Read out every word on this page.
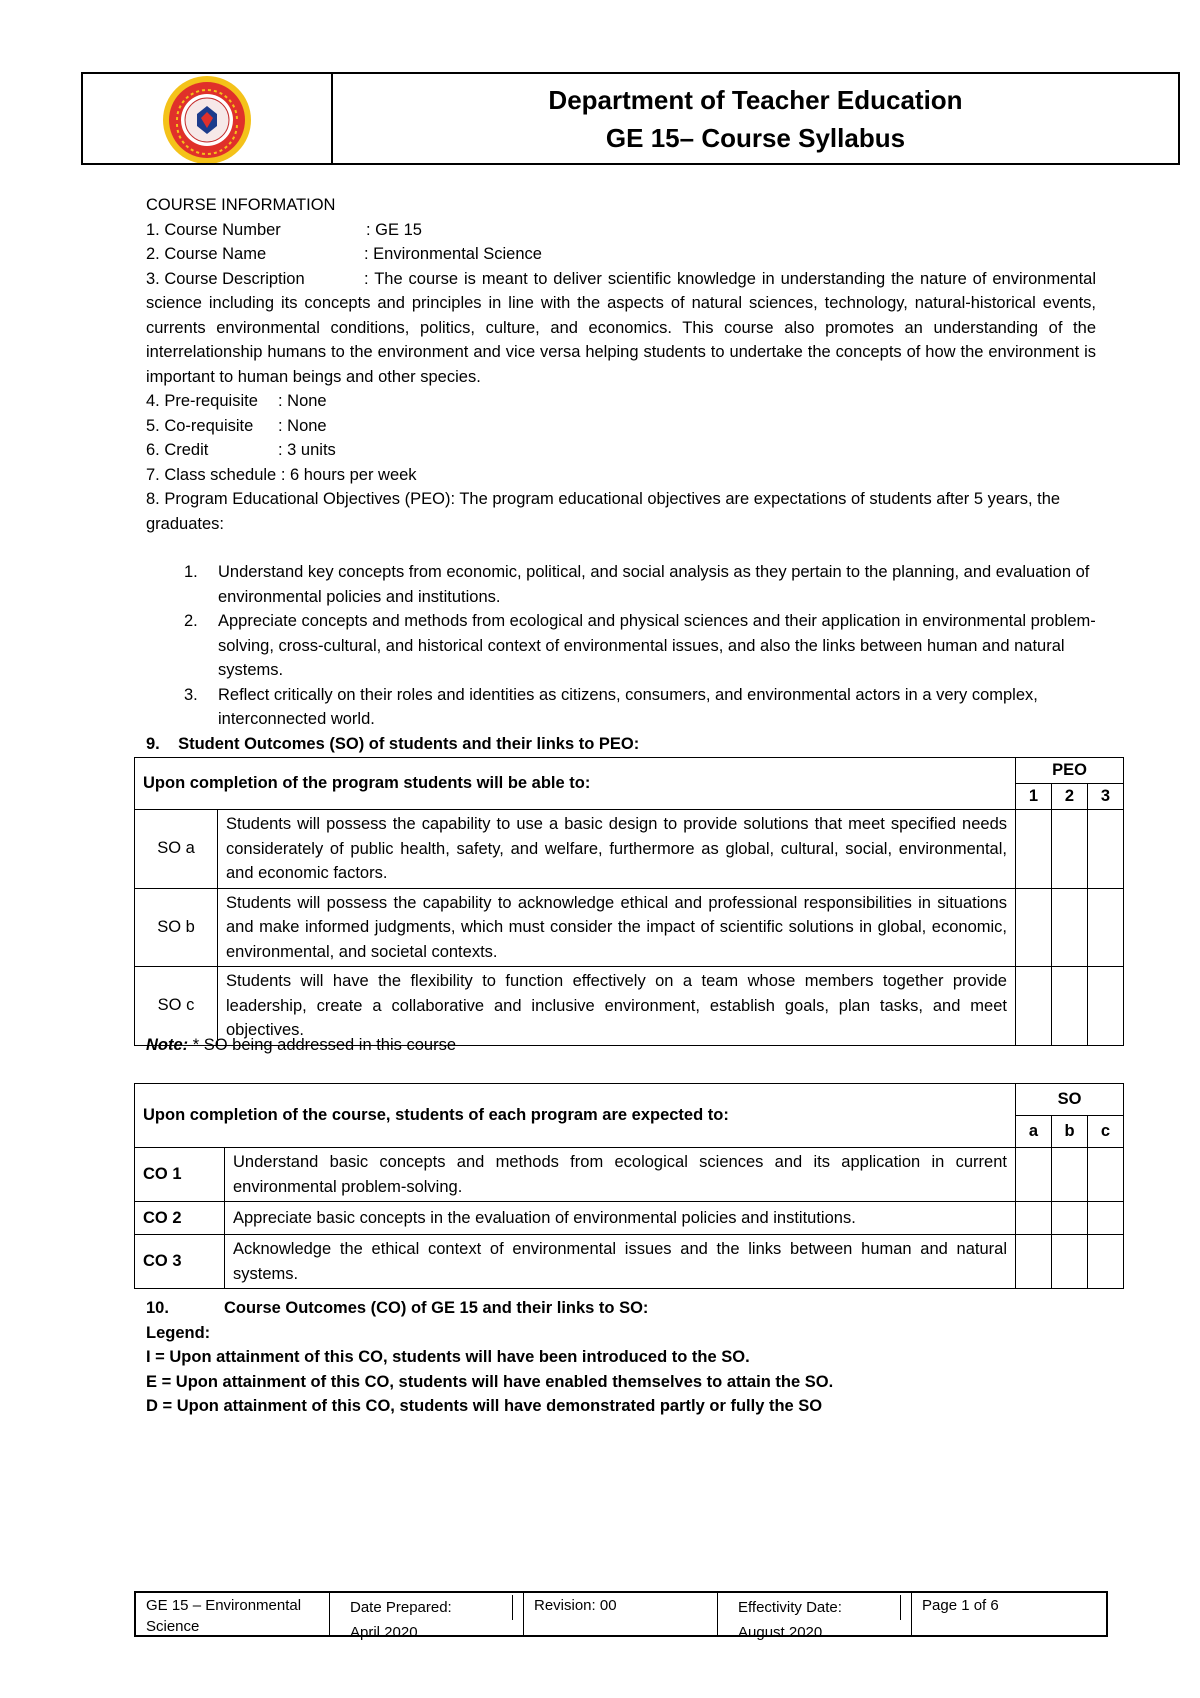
Department of Teacher Education
GE 15– Course Syllabus
COURSE INFORMATION
1. Course Number	: GE 15
2. Course Name	: Environmental Science
3. Course Description	: The course is meant to deliver scientific knowledge in understanding the nature of environmental science including its concepts and principles in line with the aspects of natural sciences, technology, natural-historical events, currents environmental conditions, politics, culture, and economics. This course also promotes an understanding of the interrelationship humans to the environment and vice versa helping students to undertake the concepts of how the environment is important to human beings and other species.
4. Pre-requisite : None
5. Co-requisite : None
6. Credit	: 3 units
7. Class schedule : 6 hours per week
8. Program Educational Objectives (PEO): The program educational objectives are expectations of students after 5 years, the graduates:
1. Understand key concepts from economic, political, and social analysis as they pertain to the planning, and evaluation of environmental policies and institutions.
2. Appreciate concepts and methods from ecological and physical sciences and their application in environmental problem-solving, cross-cultural, and historical context of environmental issues, and also the links between human and natural systems.
3. Reflect critically on their roles and identities as citizens, consumers, and environmental actors in a very complex, interconnected world.
9.    Student Outcomes (SO) of students and their links to PEO:
Upon completion of the program students will be able to:		PEO		
		1	2	3
SO a	Students will possess the capability to use a basic design to provide solutions that meet specified needs considerately of public health, safety, and welfare, furthermore as global, cultural, social, environmental, and economic factors.			
SO b	Students will possess the capability to acknowledge ethical and professional responsibilities in situations and make informed judgments, which must consider the impact of scientific solutions in global, economic, environmental, and societal contexts.			
SO c	Students will have the flexibility to function effectively on a team whose members together provide leadership, create a collaborative and inclusive environment, establish goals, plan tasks, and meet objectives.			
Note: * SO being addressed in this course
Upon completion of the course, students of each program are expected to:		SO		
		a	b	c
CO 1	Understand basic concepts and methods from ecological sciences and its application in current environmental problem-solving.			
CO 2	Appreciate basic concepts in the evaluation of environmental policies and institutions.			
CO 3	Acknowledge the ethical context of environmental issues and the links between human and natural systems.			
10.            Course Outcomes (CO) of GE 15 and their links to SO:
Legend:
I = Upon attainment of this CO, students will have been introduced to the SO.
E = Upon attainment of this CO, students will have enabled themselves to attain the SO.
D = Upon attainment of this CO, students will have demonstrated partly or fully the SO
GE 15 – Environmental Science
Date Prepared:
April 2020
Revision: 00	Effectivity Date:
August 2020
Page 1 of 6
